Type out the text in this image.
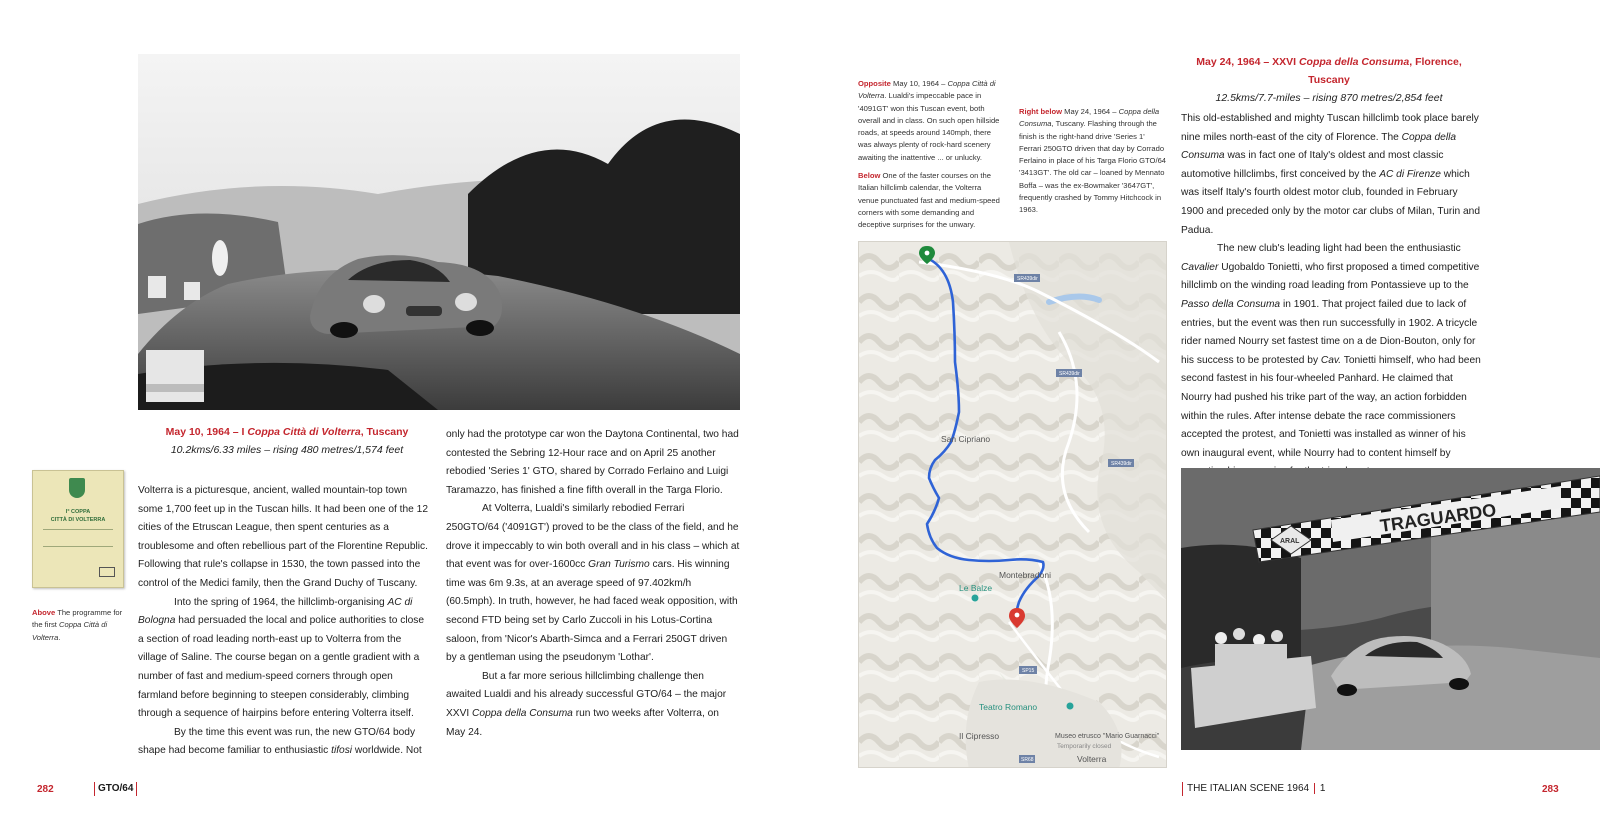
May 10, 1964 – I Coppa Città di Volterra, Tuscany
10.2kms/6.33 miles – rising 480 metres/1,574 feet
I° COPPA
CITTÀ DI VOLTERRA
Above The programme for the first Coppa Città di Volterra.

Volterra is a picturesque, ancient, walled mountain-top town some 1,700 feet up in the Tuscan hills. It had been one of the 12 cities of the Etruscan League, then spent centuries as a troublesome and often rebellious part of the Florentine Republic. Following that rule's collapse in 1530, the town passed into the control of the Medici family, then the Grand Duchy of Tuscany.

Into the spring of 1964, the hillclimb-organising AC di Bologna had persuaded the local and police authorities to close a section of road leading north-east up to Volterra from the village of Saline. The course began on a gentle gradient with a number of fast and medium-speed corners through open farmland before beginning to steepen considerably, climbing through a sequence of hairpins before entering Volterra itself.

By the time this event was run, the new GTO/64 body shape had become familiar to enthusiastic tifosi worldwide. Not

only had the prototype car won the Daytona Continental, two had contested the Sebring 12-Hour race and on April 25 another rebodied 'Series 1' GTO, shared by Corrado Ferlaino and Luigi Taramazzo, has finished a fine fifth overall in the Targa Florio.

At Volterra, Lualdi's similarly rebodied Ferrari 250GTO/64 ('4091GT') proved to be the class of the field, and he drove it impeccably to win both overall and in his class – which at that event was for over-1600cc Gran Turismo cars. His winning time was 6m 9.3s, at an average speed of 97.402km/h (60.5mph). In truth, however, he had faced weak opposition, with second FTD being set by Carlo Zuccoli in his Lotus-Cortina saloon, from 'Nicor's Abarth-Simca and a Ferrari 250GT driven by a gentleman using the pseudonym 'Lothar'.

But a far more serious hillclimbing challenge then awaited Lualdi and his already successful GTO/64 – the major XXVI Coppa della Consuma run two weeks after Volterra, on May 24.

282	GTO/64

Opposite May 10, 1964 – Coppa Città di Volterra. Lualdi's impeccable pace in '4091GT' won this Tuscan event, both overall and in class. On such open hillside roads, at speeds around 140mph, there was always plenty of rock-hard scenery awaiting the inattentive ... or unlucky.

Below One of the faster courses on the Italian hillclimb calendar, the Volterra venue punctuated fast and medium-speed corners with some demanding and deceptive surprises for the unwary.

Right below May 24, 1964 – Coppa della Consuma, Tuscany. Flashing through the finish is the right-hand drive 'Series 1' Ferrari 250GTO driven that day by Corrado Ferlaino in place of his Targa Florio GTO/64 '3413GT'. The old car – loaned by Mennato Boffa – was the ex-Bowmaker '3647GT', frequently crashed by Tommy Hitchcock in 1963.

SR439dir
SR439dir
SR439dir
SP15
SR68
San Cipriano
Montebradoni
Le Balze
Teatro Romano
Il Cipresso	Museo etrusco "Mario Guarnacci"
Temporarily closed
Volterra
May 24, 1964 – XXVI Coppa della Consuma, Florence, Tuscany
12.5kms/7.7-miles – rising 870 metres/2,854 feet

This old-established and mighty Tuscan hillclimb took place barely nine miles north-east of the city of Florence. The Coppa della Consuma was in fact one of Italy's oldest and most classic automotive hillclimbs, first conceived by the AC di Firenze which was itself Italy's fourth oldest motor club, founded in February 1900 and preceded only by the motor car clubs of Milan, Turin and Padua.

The new club's leading light had been the enthusiastic Cavalier Ugobaldo Tonietti, who first proposed a timed competitive hillclimb on the winding road leading from Pontassieve up to the Passo della Consuma in 1901. That project failed due to lack of entries, but the event was then run successfully in 1902. A tricycle rider named Nourry set fastest time on a de Dion-Bouton, only for his success to be protested by Cav. Tonietti himself, who had been second fastest in his four-wheeled Panhard. He claimed that Nourry had pushed his trike part of the way, an action forbidden within the rules. After intense debate the race commissioners accepted the protest, and Tonietti was installed as winner of his own inaugural event, while Nourry had to content himself by

TRAGUARDO
ARAL
THE ITALIAN SCENE 1964 1	283
